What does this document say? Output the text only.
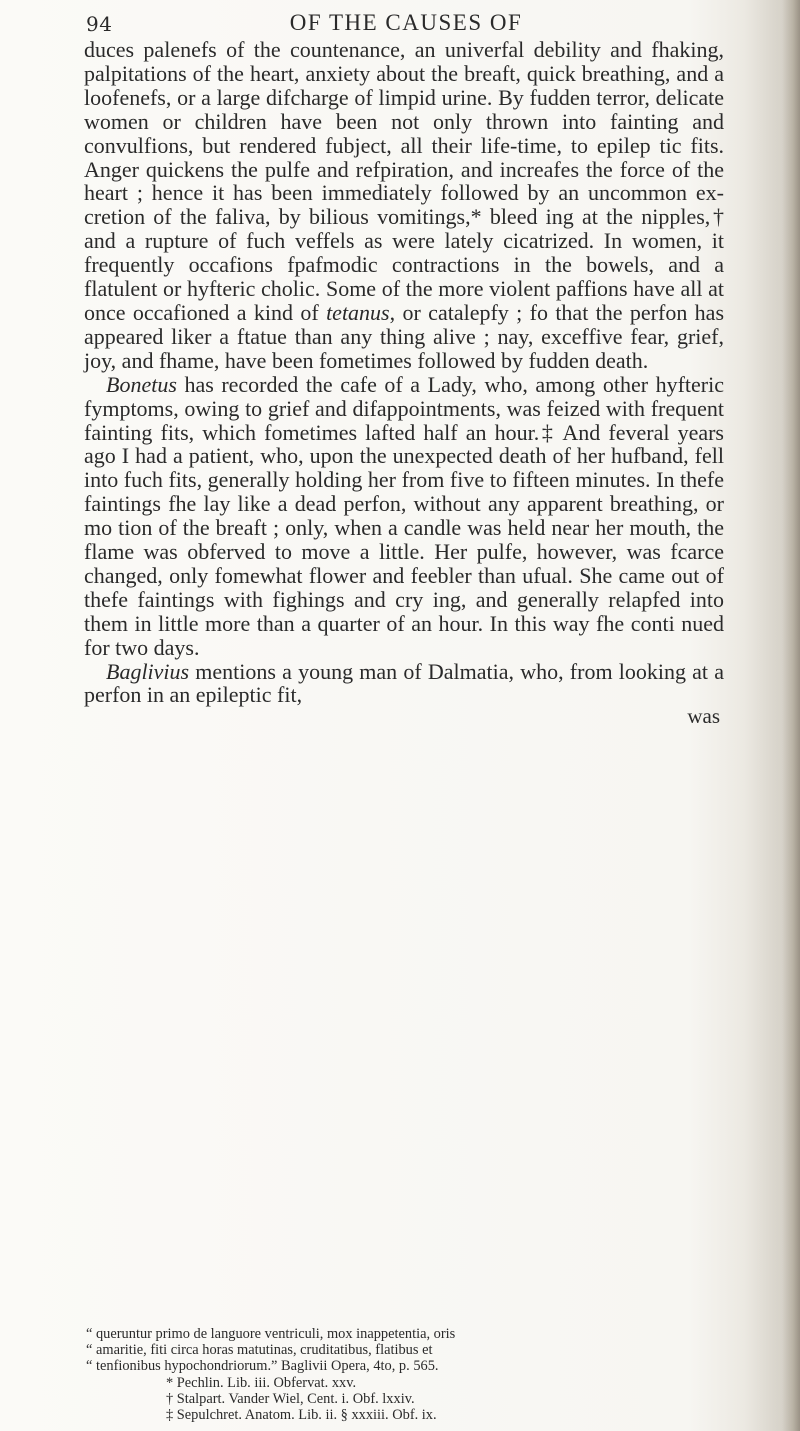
94	OF THE CAUSES OF

duces palenefs of the countenance, an univerfal debility and fhaking, palpitations of the heart, anxiety about the breaft, quick breathing, and a loofenefs, or a large difcharge of limpid urine. By fudden terror, delicate women or children have been not only thrown into fainting and convulfions, but rendered fubject, all their life-time, to epilep tic fits. Anger quickens the pulfe and refpiration, and increafes the force of the heart ; hence it has been immediately followed by an uncommon ex cretion of the faliva, by bilious vomitings,* bleed ing at the nipples,† and a rupture of fuch veffels as were lately cicatrized. In women, it frequently occafions fpafmodic contractions in the bowels, and a flatulent or hyfteric cholic. Some of the more violent paffions have all at once occafioned a kind of tetanus, or catalepfy ; fo that the perfon has appeared liker a ftatue than any thing alive ; nay, exceffive fear, grief, joy, and fhame, have been fometimes followed by fudden death.

Bonetus has recorded the cafe of a Lady, who, among other hyfteric fymptoms, owing to grief and difappointments, was feized with frequent fainting fits, which fometimes lafted half an hour.‡ And feveral years ago I had a patient, who, upon the unexpected death of her hufband, fell into fuch fits, generally holding her from five to fifteen minutes. In thefe faintings fhe lay like a dead perfon, without any apparent breathing, or mo tion of the breaft ; only, when a candle was held near her mouth, the flame was obferved to move a little. Her pulfe, however, was fcarce changed, only fomewhat flower and feebler than ufual. She came out of thefe faintings with fighings and cry ing, and generally relapfed into them in little more than a quarter of an hour. In this way fhe conti nued for two days.

Baglivius mentions a young man of Dalmatia, who, from looking at a perfon in an epileptic fit,

was
“ queruntur primo de languore ventriculi, mox inappetentia, oris
“ amaritie, fiti circa horas matutinas, cruditatibus, flatibus et
“ tenfionibus hypochondriorum.” Baglivii Opera, 4to, p. 565.
* Pechlin. Lib. iii. Obfervat. xxv.
† Stalpart. Vander Wiel, Cent. i. Obf. lxxiv.
‡ Sepulchret. Anatom. Lib. ii. § xxxiii. Obf. ix.
